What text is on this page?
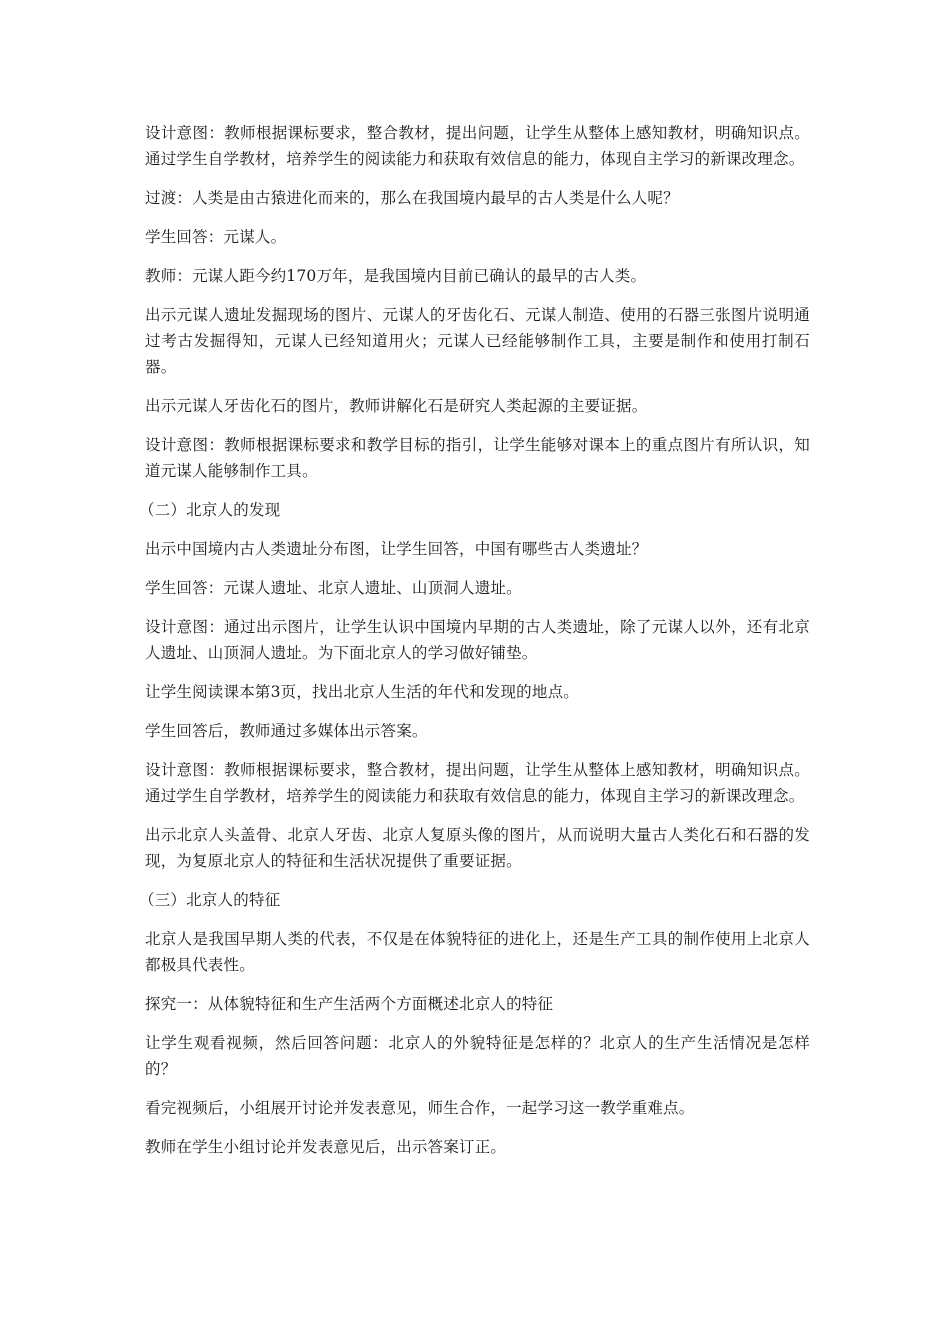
设计意图：教师根据课标要求，整合教材，提出问题，让学生从整体上感知教材，明确知识点。通过学生自学教材，培养学生的阅读能力和获取有效信息的能力，体现自主学习的新课改理念。

过渡：人类是由古猿进化而来的，那么在我国境内最早的古人类是什么人呢？

学生回答：元谋人。

教师：元谋人距今约170万年，是我国境内目前已确认的最早的古人类。

出示元谋人遗址发掘现场的图片、元谋人的牙齿化石、元谋人制造、使用的石器三张图片说明通过考古发掘得知，元谋人已经知道用火；元谋人已经能够制作工具，主要是制作和使用打制石器。

出示元谋人牙齿化石的图片，教师讲解化石是研究人类起源的主要证据。

设计意图：教师根据课标要求和教学目标的指引，让学生能够对课本上的重点图片有所认识，知道元谋人能够制作工具。

（二）北京人的发现

出示中国境内古人类遗址分布图，让学生回答，中国有哪些古人类遗址？

学生回答：元谋人遗址、北京人遗址、山顶洞人遗址。

设计意图：通过出示图片，让学生认识中国境内早期的古人类遗址，除了元谋人以外，还有北京人遗址、山顶洞人遗址。为下面北京人的学习做好铺垫。

让学生阅读课本第3页，找出北京人生活的年代和发现的地点。

学生回答后，教师通过多媒体出示答案。

设计意图：教师根据课标要求，整合教材，提出问题，让学生从整体上感知教材，明确知识点。通过学生自学教材，培养学生的阅读能力和获取有效信息的能力，体现自主学习的新课改理念。

出示北京人头盖骨、北京人牙齿、北京人复原头像的图片，从而说明大量古人类化石和石器的发现，为复原北京人的特征和生活状况提供了重要证据。

（三）北京人的特征

北京人是我国早期人类的代表，不仅是在体貌特征的进化上，还是生产工具的制作使用上北京人都极具代表性。

探究一：从体貌特征和生产生活两个方面概述北京人的特征

让学生观看视频，然后回答问题：北京人的外貌特征是怎样的？北京人的生产生活情况是怎样的？

看完视频后，小组展开讨论并发表意见，师生合作，一起学习这一教学重难点。

教师在学生小组讨论并发表意见后，出示答案订正。
